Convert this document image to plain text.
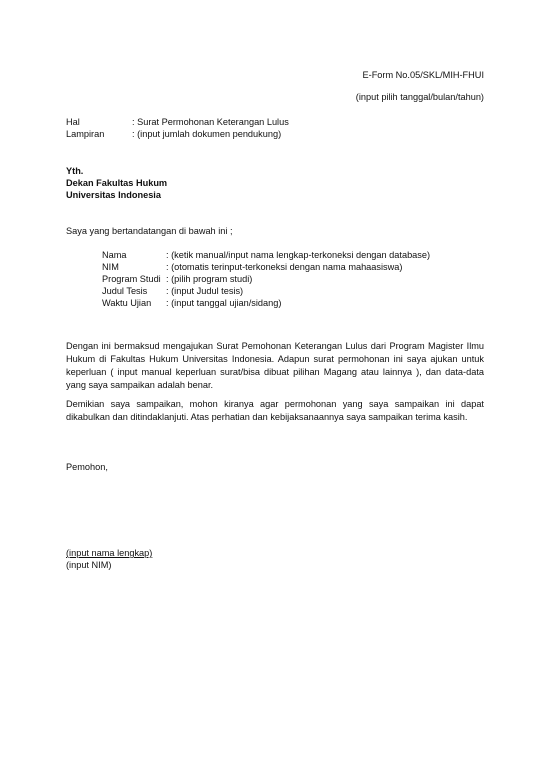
E-Form No.05/SKL/MIH-FHUI
(input pilih tanggal/bulan/tahun)
Hal	: Surat Permohonan Keterangan Lulus
Lampiran	: (input jumlah dokumen pendukung)
Yth.
Dekan Fakultas Hukum
Universitas Indonesia
Saya yang bertandatangan di bawah ini ;
Nama	: (ketik manual/input nama lengkap-terkoneksi dengan database)
NIM	: (otomatis terinput-terkoneksi dengan nama mahaasiswa)
Program Studi : (pilih program studi)
Judul Tesis : (input Judul tesis)
Waktu Ujian : (input tanggal ujian/sidang)
Dengan ini bermaksud mengajukan Surat Pemohonan Keterangan Lulus dari Program Magister Ilmu Hukum di Fakultas Hukum Universitas Indonesia. Adapun surat permohonan ini saya ajukan untuk keperluan ( input manual keperluan surat/bisa dibuat pilihan Magang atau lainnya ), dan data-data yang saya sampaikan adalah benar.
Demikian saya sampaikan, mohon kiranya agar permohonan yang saya sampaikan ini dapat dikabulkan dan ditindaklanjuti. Atas perhatian dan kebijaksanaannya saya sampaikan terima kasih.
Pemohon,
(input nama lengkap)
(input NIM)
